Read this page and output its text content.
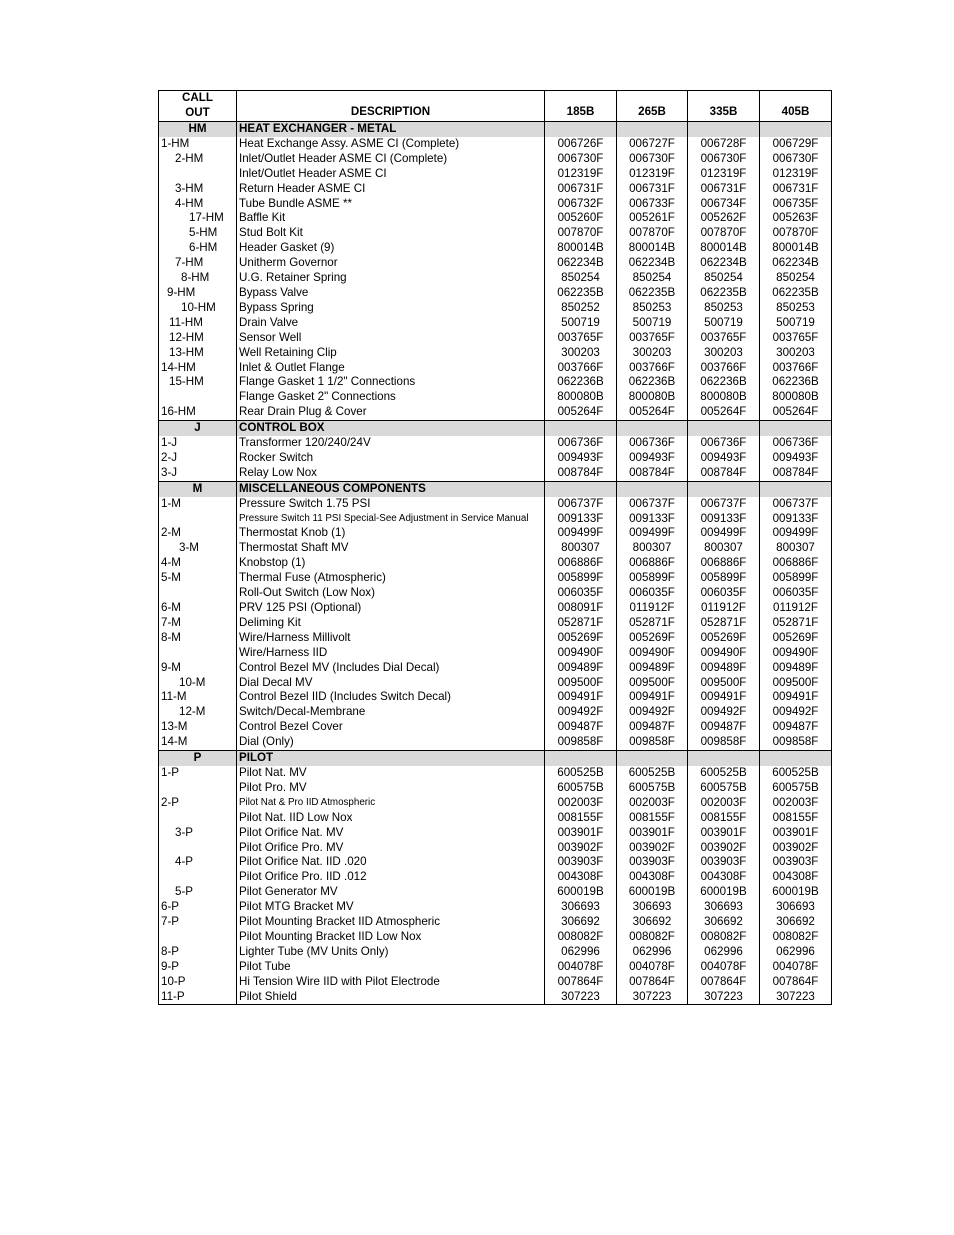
CALL
OUT	DESCRIPTION	185B	265B	335B	405B
HM	HEAT EXCHANGER - METAL				
1-HM	Heat Exchange Assy. ASME CI (Complete)	006726F	006727F	006728F	006729F
2-HM	Inlet/Outlet Header ASME CI (Complete)	006730F	006730F	006730F	006730F
	Inlet/Outlet Header ASME CI	012319F	012319F	012319F	012319F
3-HM	Return Header ASME CI	006731F	006731F	006731F	006731F
4-HM	Tube Bundle ASME **	006732F	006733F	006734F	006735F
17-HM	Baffle Kit	005260F	005261F	005262F	005263F
5-HM	Stud Bolt Kit	007870F	007870F	007870F	007870F
6-HM	Header Gasket (9)	800014B	800014B	800014B	800014B
7-HM	Unitherm Governor	062234B	062234B	062234B	062234B
8-HM	U.G. Retainer Spring	850254	850254	850254	850254
9-HM	Bypass Valve	062235B	062235B	062235B	062235B
10-HM	Bypass Spring	850252	850253	850253	850253
11-HM	Drain Valve	500719	500719	500719	500719
12-HM	Sensor Well	003765F	003765F	003765F	003765F
13-HM	Well Retaining Clip	300203	300203	300203	300203
14-HM	Inlet & Outlet Flange	003766F	003766F	003766F	003766F
15-HM	Flange Gasket 1 1/2" Connections	062236B	062236B	062236B	062236B
	Flange Gasket 2" Connections	800080B	800080B	800080B	800080B
16-HM	Rear Drain Plug & Cover	005264F	005264F	005264F	005264F
J	CONTROL BOX				
1-J	Transformer 120/240/24V	006736F	006736F	006736F	006736F
2-J	Rocker Switch	009493F	009493F	009493F	009493F
3-J	Relay Low Nox	008784F	008784F	008784F	008784F
M	MISCELLANEOUS COMPONENTS				
1-M	Pressure Switch 1.75 PSI	006737F	006737F	006737F	006737F
	Pressure Switch 11 PSI Special-See Adjustment in Service Manual	009133F	009133F	009133F	009133F
2-M	Thermostat Knob (1)	009499F	009499F	009499F	009499F
3-M	Thermostat Shaft MV	800307	800307	800307	800307
4-M	Knobstop (1)	006886F	006886F	006886F	006886F
5-M	Thermal Fuse (Atmospheric)	005899F	005899F	005899F	005899F
	Roll-Out Switch (Low Nox)	006035F	006035F	006035F	006035F
6-M	PRV 125 PSI (Optional)	008091F	011912F	011912F	011912F
7-M	Deliming Kit	052871F	052871F	052871F	052871F
8-M	Wire/Harness Millivolt	005269F	005269F	005269F	005269F
	Wire/Harness IID	009490F	009490F	009490F	009490F
9-M	Control Bezel MV (Includes Dial Decal)	009489F	009489F	009489F	009489F
10-M	Dial Decal MV	009500F	009500F	009500F	009500F
11-M	Control Bezel IID (Includes Switch Decal)	009491F	009491F	009491F	009491F
12-M	Switch/Decal-Membrane	009492F	009492F	009492F	009492F
13-M	Control Bezel Cover	009487F	009487F	009487F	009487F
14-M	Dial (Only)	009858F	009858F	009858F	009858F
P	PILOT				
1-P	Pilot Nat. MV	600525B	600525B	600525B	600525B
	Pilot Pro. MV	600575B	600575B	600575B	600575B
2-P	Pilot Nat & Pro IID Atmospheric	002003F	002003F	002003F	002003F
	Pilot Nat. IID Low Nox	008155F	008155F	008155F	008155F
3-P	Pilot Orifice Nat. MV	003901F	003901F	003901F	003901F
	Pilot Orifice Pro. MV	003902F	003902F	003902F	003902F
4-P	Pilot Orifice Nat. IID .020	003903F	003903F	003903F	003903F
	Pilot Orifice Pro. IID .012	004308F	004308F	004308F	004308F
5-P	Pilot Generator MV	600019B	600019B	600019B	600019B
6-P	Pilot MTG Bracket MV	306693	306693	306693	306693
7-P	Pilot Mounting Bracket IID Atmospheric	306692	306692	306692	306692
	Pilot Mounting Bracket IID Low Nox	008082F	008082F	008082F	008082F
8-P	Lighter Tube (MV Units Only)	062996	062996	062996	062996
9-P	Pilot Tube	004078F	004078F	004078F	004078F
10-P	Hi Tension Wire IID with Pilot Electrode	007864F	007864F	007864F	007864F
11-P	Pilot Shield	307223	307223	307223	307223
